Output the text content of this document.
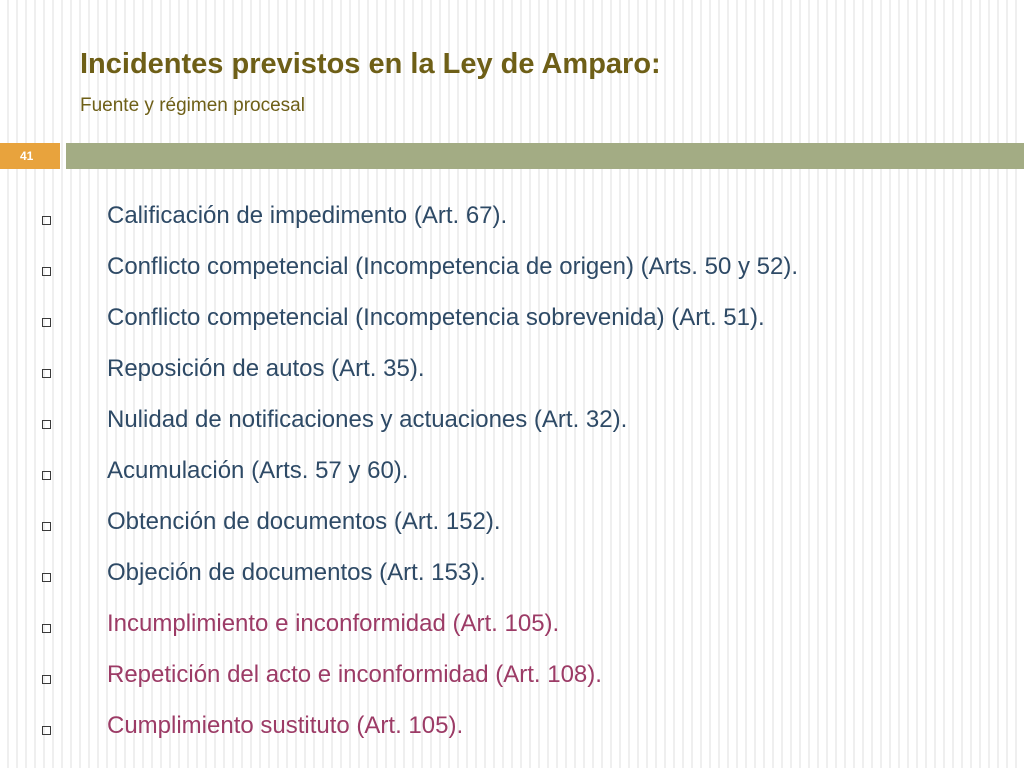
Incidentes previstos en la Ley de Amparo:

Fuente y régimen procesal

41
Calificación de impedimento (Art. 67).
Conflicto competencial (Incompetencia de origen) (Arts. 50 y 52).
Conflicto competencial (Incompetencia sobrevenida) (Art. 51).
Reposición de autos (Art. 35).
Nulidad de notificaciones y actuaciones (Art. 32).
Acumulación (Arts. 57 y 60).
Obtención de documentos (Art. 152).
Objeción de documentos (Art. 153).
Incumplimiento e inconformidad (Art. 105).
Repetición del acto e inconformidad (Art. 108).
Cumplimiento sustituto (Art. 105).
